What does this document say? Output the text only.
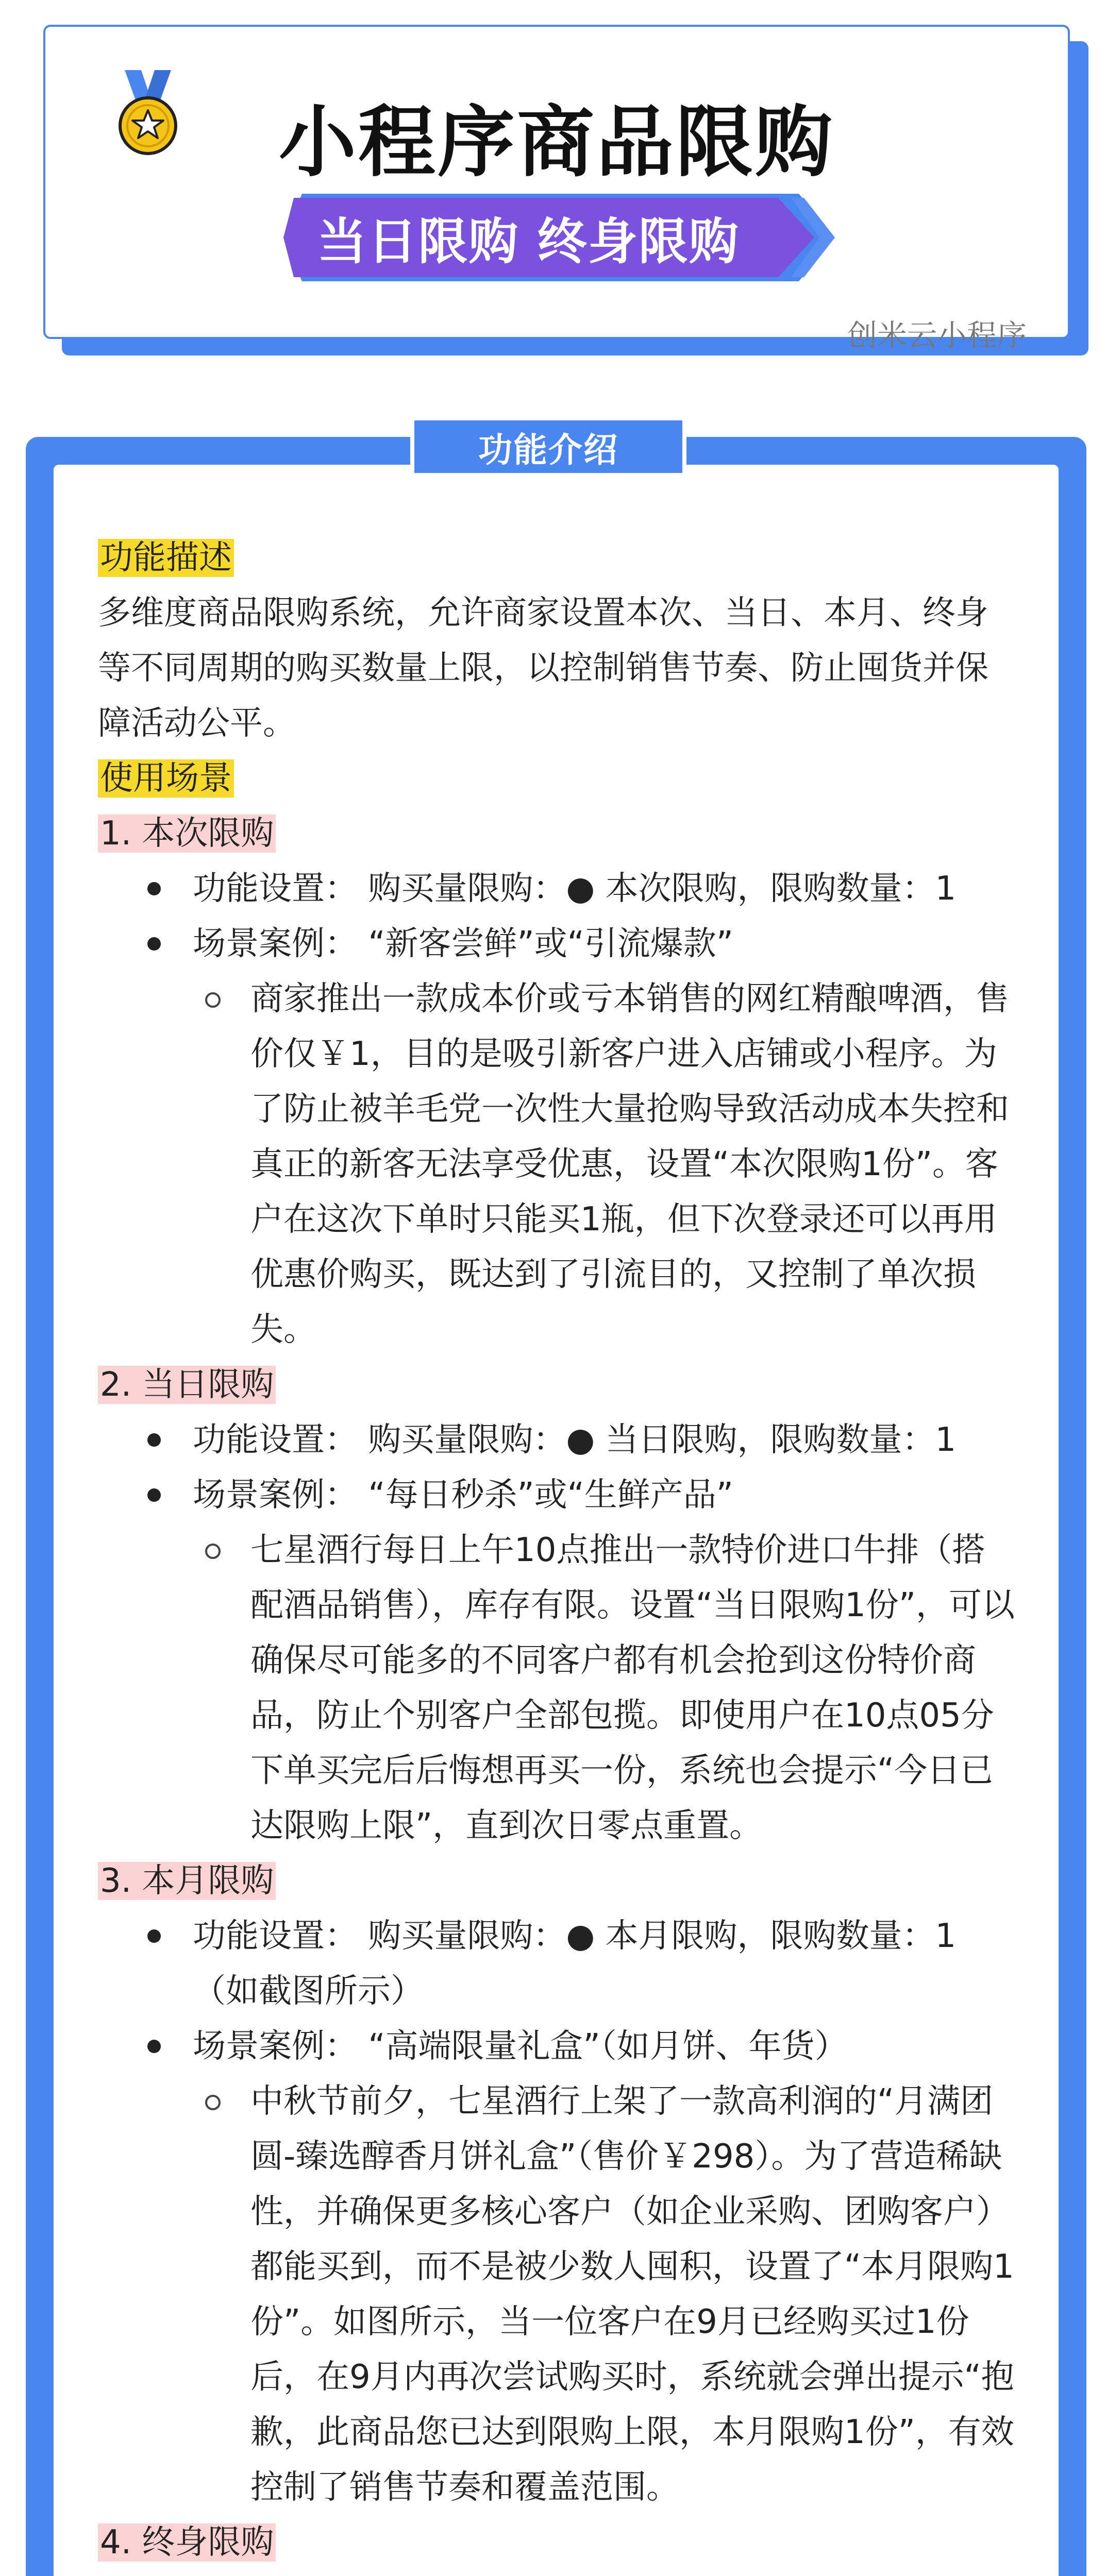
小程序商品限购
创米云小程序
当日限购 终身限购
功能介绍
功能描述

多维度商品限购系统，允许商家设置本次、当日、本月、终身等不同周期的购买数量上限，以控制销售节奏、防止囤货并保障活动公平。

使用场景
1. 本次限购
功能设置： 购买量限购：● 本次限购，限购数量：1
场景案例： “新客尝鲜”或“引流爆款”
商家推出一款成本价或亏本销售的网红精酿啤酒，售价仅￥1，目的是吸引新客户进入店铺或小程序。为了防止被羊毛党一次性大量抢购导致活动成本失控和真正的新客无法享受优惠，设置“本次限购1份”。客户在这次下单时只能买1瓶，但下次登录还可以再用优惠价购买，既达到了引流目的，又控制了单次损失。
2. 当日限购
功能设置： 购买量限购：● 当日限购，限购数量：1
场景案例： “每日秒杀”或“生鲜产品”
七星酒行每日上午10点推出一款特价进口牛排（搭配酒品销售），库存有限。设置“当日限购1份”，可以确保尽可能多的不同客户都有机会抢到这份特价商品，防止个别客户全部包揽。即使用户在10点05分下单买完后后悔想再买一份，系统也会提示“今日已达限购上限”，直到次日零点重置。
3. 本月限购
功能设置： 购买量限购：● 本月限购，限购数量：1（如截图所示）
场景案例： “高端限量礼盒”（如月饼、年货）
中秋节前夕，七星酒行上架了一款高利润的“月满团圆-臻选醇香月饼礼盒”（售价￥298）。为了营造稀缺性，并确保更多核心客户（如企业采购、团购客户）都能买到，而不是被少数人囤积，设置了“本月限购1份”。如图所示，当一位客户在9月已经购买过1份后，在9月内再次尝试购买时，系统就会弹出提示“抱歉，此商品您已达到限购上限，本月限购1份”，有效控制了销售节奏和覆盖范围。
4. 终身限购
